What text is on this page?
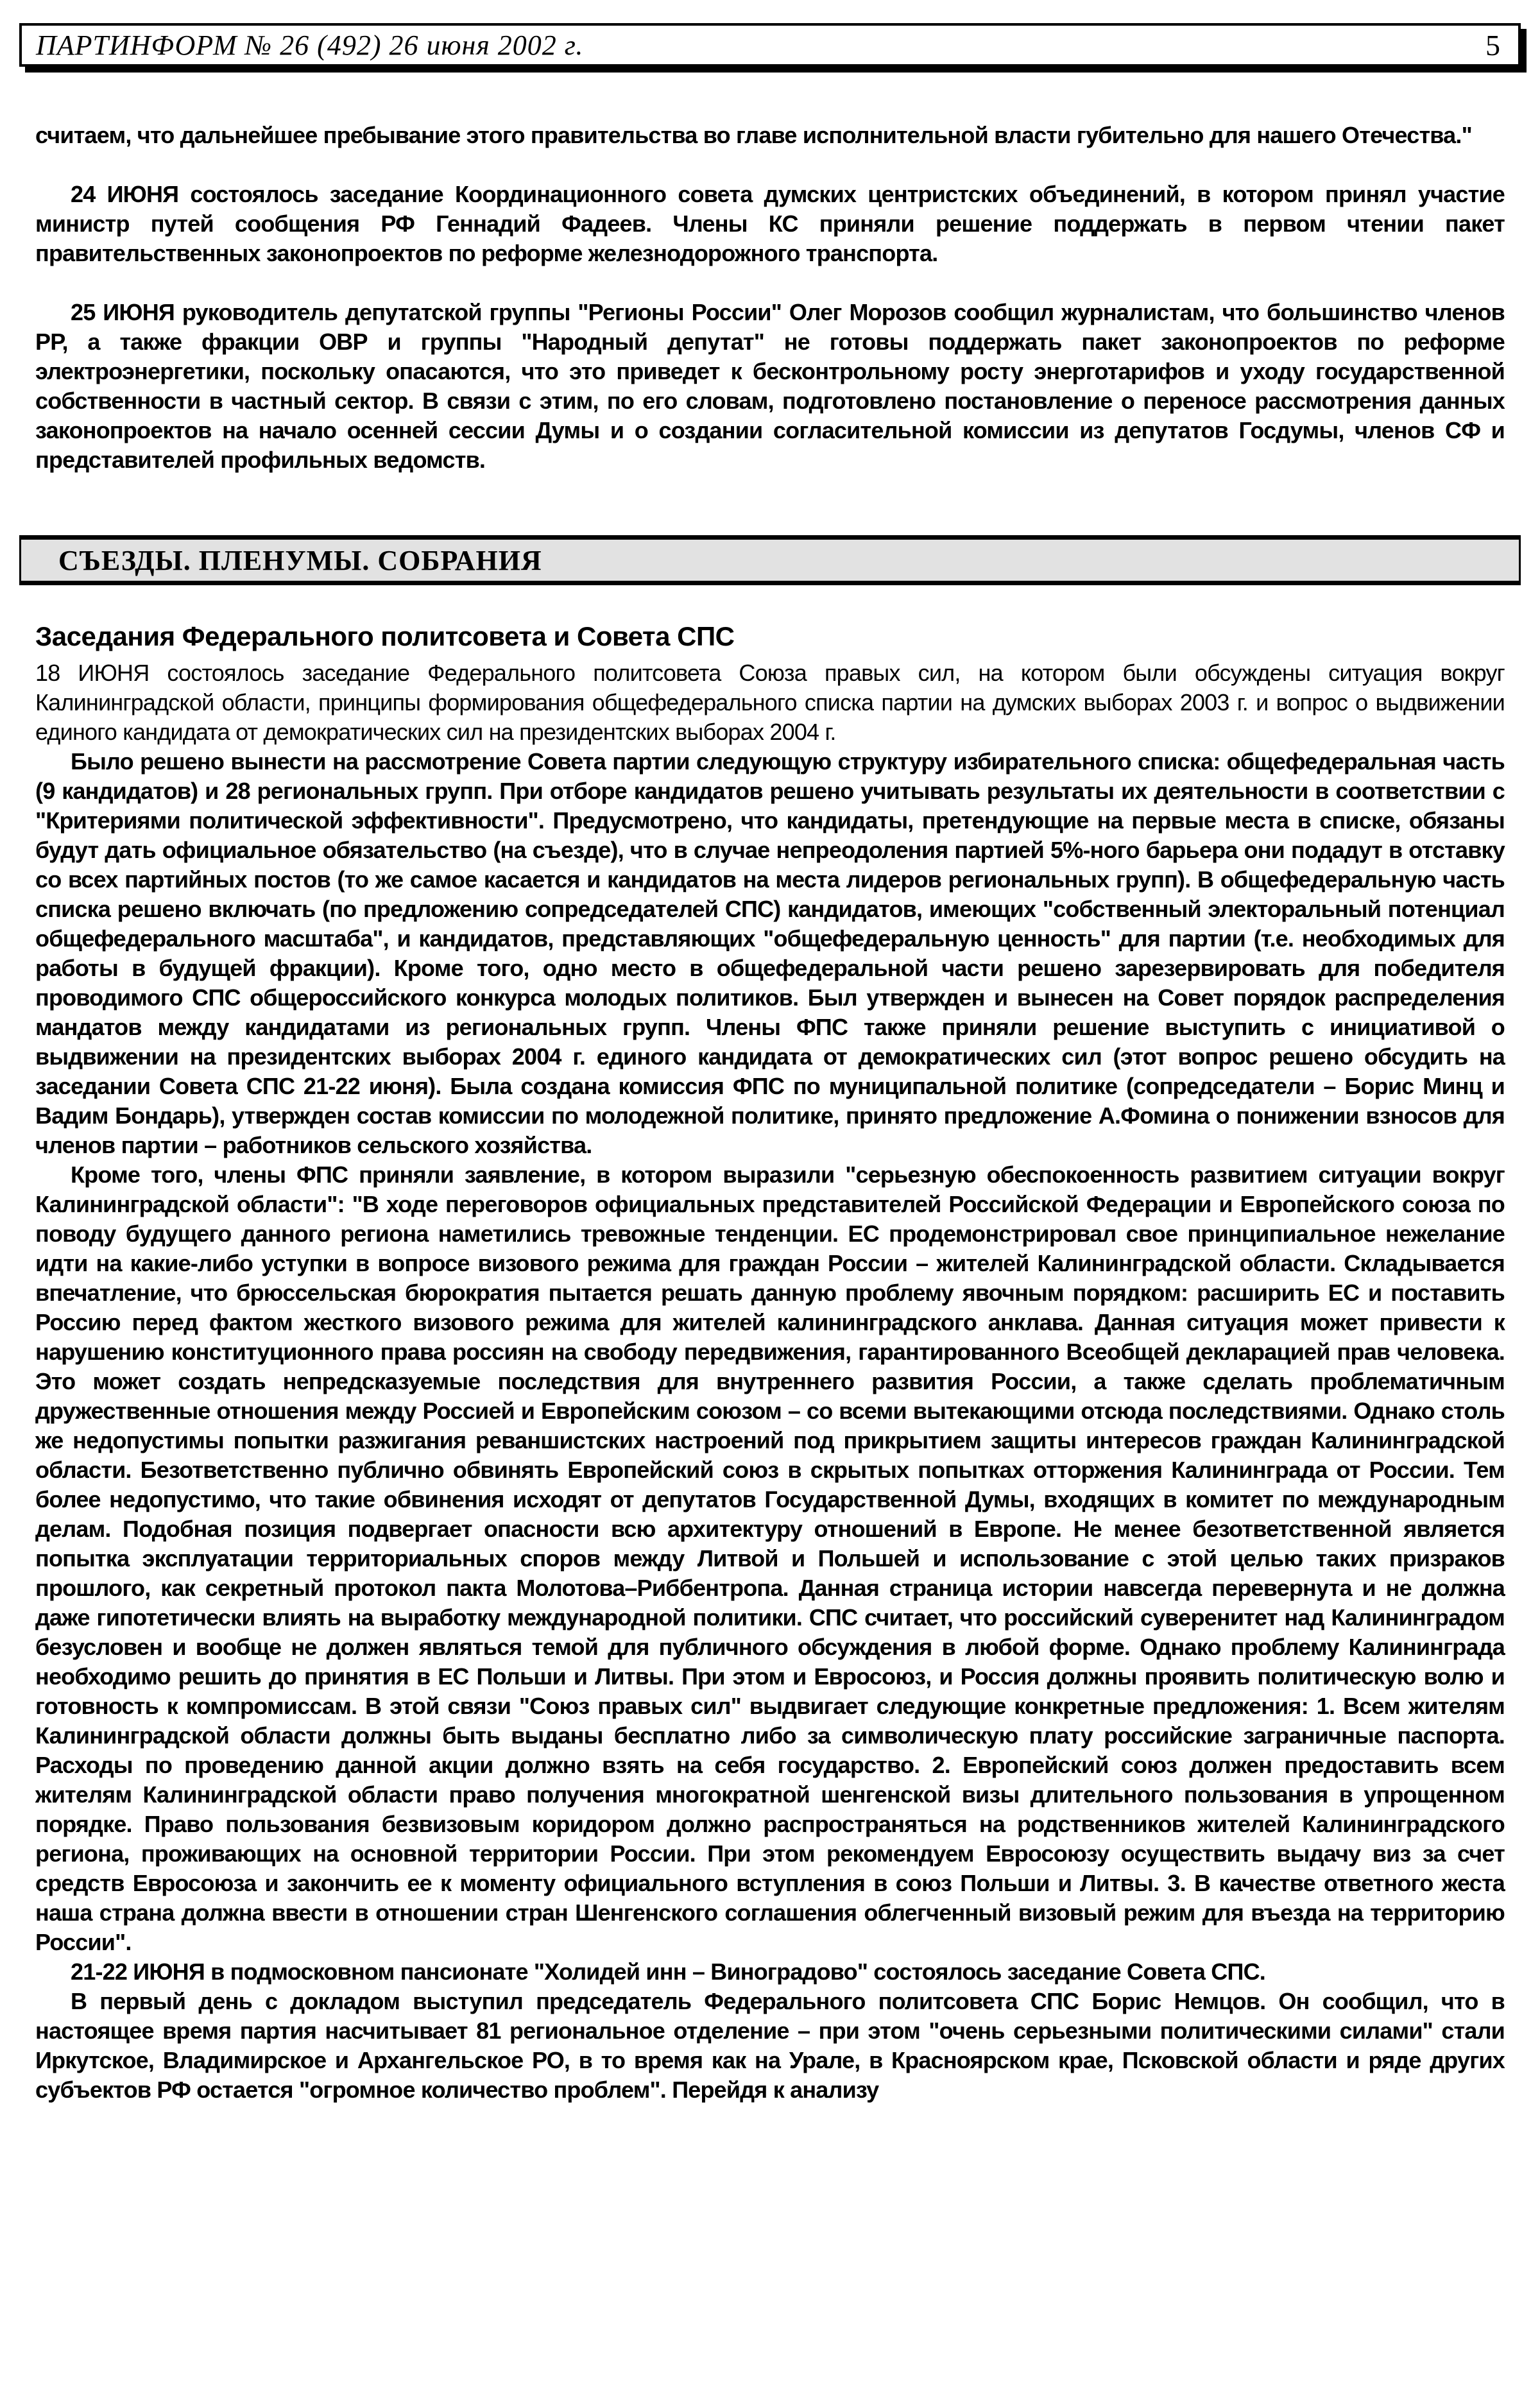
ПАРТИНФОРМ № 26 (492) 26 июня 2002 г.	5

считаем, что дальнейшее пребывание этого правительства во главе исполнительной власти губительно для нашего Отечества."

24 ИЮНЯ состоялось заседание Координационного совета думских центристских объединений, в котором принял участие министр путей сообщения РФ Геннадий Фадеев. Члены КС приняли решение поддержать в первом чтении пакет правительственных законопроектов по реформе железнодорожного транспорта.

25 ИЮНЯ руководитель депутатской группы "Регионы России" Олег Морозов сообщил журналистам, что большинство членов РР, а также фракции ОВР и группы "Народный депутат" не готовы поддержать пакет законопроектов по реформе электроэнергетики, поскольку опасаются, что это приведет к бесконтрольному росту энерготарифов и уходу государственной собственности в частный сектор. В связи с этим, по его словам, подготовлено постановление о переносе рассмотрения данных законопроектов на начало осенней сессии Думы и о создании согласительной комиссии из депутатов Госдумы, членов СФ и представителей профильных ведомств.

СЪЕЗДЫ. ПЛЕНУМЫ. СОБРАНИЯ
Заседания Федерального политсовета и Совета СПС

18 ИЮНЯ состоялось заседание Федерального политсовета Союза правых сил, на котором были обсуждены ситуация вокруг Калининградской области, принципы формирования общефедерального списка партии на думских выборах 2003 г. и вопрос о выдвижении единого кандидата от демократических сил на президентских выборах 2004 г.

Было решено вынести на рассмотрение Совета партии следующую структуру избирательного списка: общефедеральная часть (9 кандидатов) и 28 региональных групп. При отборе кандидатов решено учитывать результаты их деятельности в соответствии с "Критериями политической эффективности". Предусмотрено, что кандидаты, претендующие на первые места в списке, обязаны будут дать официальное обязательство (на съезде), что в случае непреодоления партией 5%-ного барьера они подадут в отставку со всех партийных постов (то же самое касается и кандидатов на места лидеров региональных групп). В общефедеральную часть списка решено включать (по предложению сопредседателей СПС) кандидатов, имеющих "собственный электоральный потенциал общефедерального масштаба", и кандидатов, представляющих "общефедеральную ценность" для партии (т.е. необходимых для работы в будущей фракции). Кроме того, одно место в общефедеральной части решено зарезервировать для победителя проводимого СПС общероссийского конкурса молодых политиков. Был утвержден и вынесен на Совет порядок распределения мандатов между кандидатами из региональных групп. Члены ФПС также приняли решение выступить с инициативой о выдвижении на президентских выборах 2004 г. единого кандидата от демократических сил (этот вопрос решено обсудить на заседании Совета СПС 21-22 июня). Была создана комиссия ФПС по муниципальной политике (сопредседатели – Борис Минц и Вадим Бондарь), утвержден состав комиссии по молодежной политике, принято предложение А.Фомина о понижении взносов для членов партии – работников сельского хозяйства.

Кроме того, члены ФПС приняли заявление, в котором выразили "серьезную обеспокоенность развитием ситуации вокруг Калининградской области": "В ходе переговоров официальных представителей Российской Федерации и Европейского союза по поводу будущего данного региона наметились тревожные тенденции. ЕС продемонстрировал свое принципиальное нежелание идти на какие-либо уступки в вопросе визового режима для граждан России – жителей Калининградской области. Складывается впечатление, что брюссельская бюрократия пытается решать данную проблему явочным порядком: расширить ЕС и поставить Россию перед фактом жесткого визового режима для жителей калининградского анклава. Данная ситуация может привести к нарушению конституционного права россиян на свободу передвижения, гарантированного Всеобщей декларацией прав человека. Это может создать непредсказуемые последствия для внутреннего развития России, а также сделать проблематичным дружественные отношения между Россией и Европейским союзом – со всеми вытекающими отсюда последствиями. Однако столь же недопустимы попытки разжигания реваншистских настроений под прикрытием защиты интересов граждан Калининградской области. Безответственно публично обвинять Европейский союз в скрытых попытках отторжения Калининграда от России. Тем более недопустимо, что такие обвинения исходят от депутатов Государственной Думы, входящих в комитет по международным делам. Подобная позиция подвергает опасности всю архитектуру отношений в Европе. Не менее безответственной является попытка эксплуатации территориальных споров между Литвой и Польшей и использование с этой целью таких призраков прошлого, как секретный протокол пакта Молотова–Риббентропа. Данная страница истории навсегда перевернута и не должна даже гипотетически влиять на выработку международной политики. СПС считает, что российский суверенитет над Калининградом безусловен и вообще не должен являться темой для публичного обсуждения в любой форме. Однако проблему Калининграда необходимо решить до принятия в ЕС Польши и Литвы. При этом и Евросоюз, и Россия должны проявить политическую волю и готовность к компромиссам. В этой связи "Союз правых сил" выдвигает следующие конкретные предложения: 1. Всем жителям Калининградской области должны быть выданы бесплатно либо за символическую плату российские заграничные паспорта. Расходы по проведению данной акции должно взять на себя государство. 2. Европейский союз должен предоставить всем жителям Калининградской области право получения многократной шенгенской визы длительного пользования в упрощенном порядке. Право пользования безвизовым коридором должно распространяться на родственников жителей Калининградского региона, проживающих на основной территории России. При этом рекомендуем Евросоюзу осуществить выдачу виз за счет средств Евросоюза и закончить ее к моменту официального вступления в союз Польши и Литвы. 3. В качестве ответного жеста наша страна должна ввести в отношении стран Шенгенского соглашения облегченный визовый режим для въезда на территорию России".

21-22 ИЮНЯ в подмосковном пансионате "Холидей инн – Виноградово" состоялось заседание Совета СПС.

В первый день с докладом выступил председатель Федерального политсовета СПС Борис Немцов. Он сообщил, что в настоящее время партия насчитывает 81 региональное отделение – при этом "очень серьезными политическими силами" стали Иркутское, Владимирское и Архангельское РО, в то время как на Урале, в Красноярском крае, Псковской области и ряде других субъектов РФ остается "огромное количество проблем". Перейдя к анализу
